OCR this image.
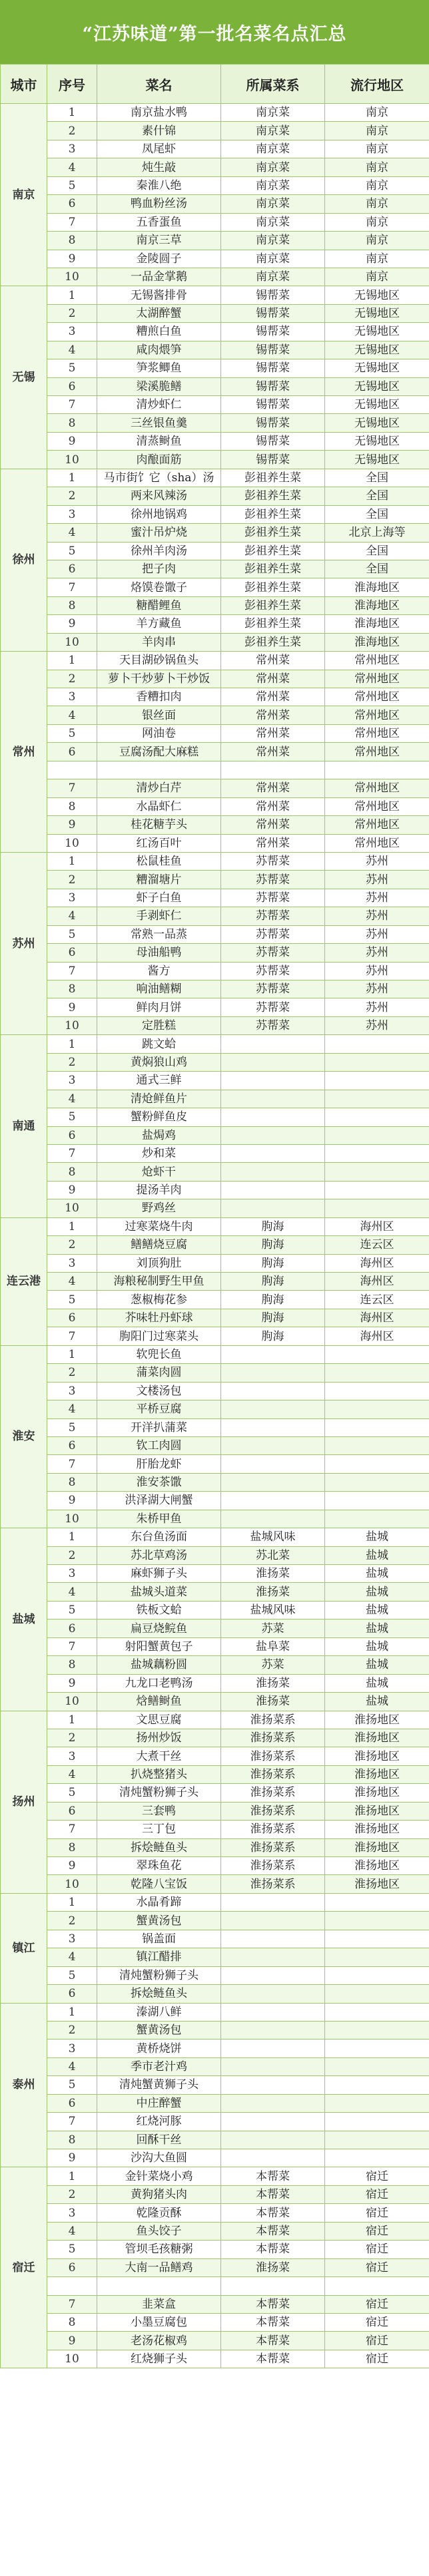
“江苏味道”第一批名菜名点汇总
城市	序号	菜名	所属菜系	流行地区
南京	1	南京盐水鸭	南京菜	南京
	2	素什锦	南京菜	南京
	3	凤尾虾	南京菜	南京
	4	炖生敲	南京菜	南京
	5	秦淮八绝	南京菜	南京
	6	鸭血粉丝汤	南京菜	南京
	7	五香蛋鱼	南京菜	南京
	8	南京三草	南京菜	南京
	9	金陵圆子	南京菜	南京
	10	一品金掌鹅	南京菜	南京
无锡	1	无锡酱排骨	锡帮菜	无锡地区
	2	太湖醉蟹	锡帮菜	无锡地区
	3	糟煎白鱼	锡帮菜	无锡地区
	4	咸肉煨笋	锡帮菜	无锡地区
	5	笋浆鲫鱼	锡帮菜	无锡地区
	6	梁溪脆鳝	锡帮菜	无锡地区
	7	清炒虾仁	锡帮菜	无锡地区
	8	三丝银鱼羹	锡帮菜	无锡地区
	9	清蒸鲥鱼	锡帮菜	无锡地区
	10	肉酿面筋	锡帮菜	无锡地区
徐州	1	马市街饣它（sha）汤	彭祖养生菜	全国
	2	两来风辣汤	彭祖养生菜	全国
	3	徐州地锅鸡	彭祖养生菜	全国
	4	蜜汁吊炉烧	彭祖养生菜	北京上海等
	5	徐州羊肉汤	彭祖养生菜	全国
	6	把子肉	彭祖养生菜	全国
	7	烙馍卷馓子	彭祖养生菜	淮海地区
	8	糖醋鲤鱼	彭祖养生菜	淮海地区
	9	羊方藏鱼	彭祖养生菜	淮海地区
	10	羊肉串	彭祖养生菜	淮海地区
常州	1	天目湖砂锅鱼头	常州菜	常州地区
	2	萝卜干炒萝卜干炒饭	常州菜	常州地区
	3	香糟扣肉	常州菜	常州地区
	4	银丝面	常州菜	常州地区
	5	网油卷	常州菜	常州地区
	6	豆腐汤配大麻糕	常州菜	常州地区

	7	清炒白芹	常州菜	常州地区
	8	水晶虾仁	常州菜	常州地区
	9	桂花糖芋头	常州菜	常州地区
	10	红汤百叶	常州菜	常州地区
苏州	1	松鼠桂鱼	苏帮菜	苏州
	2	糟溜塘片	苏帮菜	苏州
	3	虾子白鱼	苏帮菜	苏州
	4	手剥虾仁	苏帮菜	苏州
	5	常熟一品蒸	苏帮菜	苏州
	6	母油船鸭	苏帮菜	苏州
	7	酱方	苏帮菜	苏州
	8	响油鳝糊	苏帮菜	苏州
	9	鲜肉月饼	苏帮菜	苏州
	10	定胜糕	苏帮菜	苏州
南通	1	跳文蛤		
	2	黄焖狼山鸡		
	3	通式三鲜		
	4	清炝鲜鱼片		
	5	蟹粉鲜鱼皮		
	6	盐焗鸡		
	7	炒和菜		
	8	炝虾干		
	9	提汤羊肉		
	10	野鸡丝		
连云港	1	过寒菜烧牛肉	朐海	海州区
	2	鳝鳝烧豆腐	朐海	连云区
	3	刘顶狗肚	朐海	海州区
	4	海粮秘制野生甲鱼	朐海	海州区
	5	葱椒梅花参	朐海	连云区
	6	芥味牡丹虾球	朐海	海州区
	7	朐阳门过寒菜头	朐海	海州区
淮安	1	软兜长鱼		
	2	蒲菜肉圆		
	3	文楼汤包		
	4	平桥豆腐		
	5	开洋扒蒲菜		
	6	钦工肉圆		
	7	肝胎龙虾		
	8	淮安茶馓		
	9	洪泽湖大闸蟹		
	10	朱桥甲鱼		
盐城	1	东台鱼汤面	盐城风味	盐城
	2	苏北草鸡汤	苏北菜	盐城
	3	麻虾狮子头	淮扬菜	盐城
	4	盐城头道菜	淮扬菜	盐城
	5	铁板文蛤	盐城风味	盐城
	6	扁豆烧鲩鱼	苏菜	盐城
	7	射阳蟹黄包子	盐阜菜	盐城
	8	盐城藕粉圆	苏菜	盐城
	9	九龙口老鸭汤	淮扬菜	盐城
	10	焓鳝鲥鱼	淮扬菜	盐城
扬州	1	文思豆腐	淮扬菜系	淮扬地区
	2	扬州炒饭	淮扬菜系	淮扬地区
	3	大煮干丝	淮扬菜系	淮扬地区
	4	扒烧整猪头	淮扬菜系	淮扬地区
	5	清炖蟹粉狮子头	淮扬菜系	淮扬地区
	6	三套鸭	淮扬菜系	淮扬地区
	7	三丁包	淮扬菜系	淮扬地区
	8	拆烩鲢鱼头	淮扬菜系	淮扬地区
	9	翠珠鱼花	淮扬菜系	淮扬地区
	10	乾隆八宝饭	淮扬菜系	淮扬地区
镇江	1	水晶肴蹄		
	2	蟹黄汤包		
	3	锅盖面		
	4	镇江醋排		
	5	清炖蟹粉狮子头		
	6	拆烩鲢鱼头		
泰州	1	溱湖八鲜		
	2	蟹黄汤包		
	3	黄桥烧饼		
	4	季市老汁鸡		
	5	清炖蟹黄狮子头		
	6	中庄醉蟹		
	7	红烧河豚		
	8	回酥干丝		
	9	沙沟大鱼圆		
宿迁	1	金针菜烧小鸡	本帮菜	宿迁
	2	黄狗猪头肉	本帮菜	宿迁
	3	乾隆贡酥	本帮菜	宿迁
	4	鱼头饺子	本帮菜	宿迁
	5	管坝毛孩糖粥	本帮菜	宿迁
	6	大南一品鳝鸡	淮扬菜	宿迁

	7	韭菜盒	本帮菜	宿迁
	8	小墨豆腐包	本帮菜	宿迁
	9	老汤花椒鸡	本帮菜	宿迁
	10	红烧狮子头	本帮菜	宿迁
